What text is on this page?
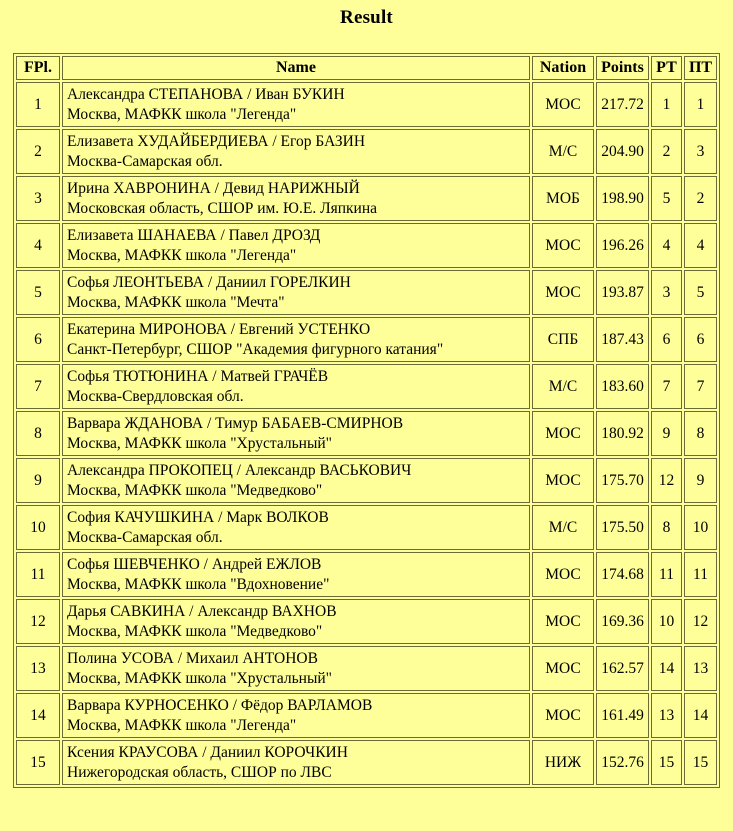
Result
FPl.	Name	Nation	Points	РТ	ПТ
1	Александра СТЕПАНОВА / Иван БУКИН
Москва, МАФКК школа "Легенда"	МОС	217.72	1	1
2	Елизавета ХУДАЙБЕРДИЕВА / Егор БАЗИН
Москва-Самарская обл.	М/С	204.90	2	3
3	Ирина ХАВРОНИНА / Девид НАРИЖНЫЙ
Московская область, СШОР им. Ю.Е. Ляпкина	МОБ	198.90	5	2
4	Елизавета ШАНАЕВА / Павел ДРОЗД
Москва, МАФКК школа "Легенда"	МОС	196.26	4	4
5	Софья ЛЕОНТЬЕВА / Даниил ГОРЕЛКИН
Москва, МАФКК школа "Мечта"	МОС	193.87	3	5
6	Екатерина МИРОНОВА / Евгений УСТЕНКО
Санкт-Петербург, СШОР "Академия фигурного катания"	СПБ	187.43	6	6
7	Софья ТЮТЮНИНА / Матвей ГРАЧЁВ
Москва-Свердловская обл.	М/С	183.60	7	7
8	Варвара ЖДАНОВА / Тимур БАБАЕВ-СМИРНОВ
Москва, МАФКК школа "Хрустальный"	МОС	180.92	9	8
9	Александра ПРОКОПЕЦ / Александр ВАСЬКОВИЧ
Москва, МАФКК школа "Медведково"	МОС	175.70	12	9
10	София КАЧУШКИНА / Марк ВОЛКОВ
Москва-Самарская обл.	М/С	175.50	8	10
11	Софья ШЕВЧЕНКО / Андрей ЕЖЛОВ
Москва, МАФКК школа "Вдохновение"	МОС	174.68	11	11
12	Дарья САВКИНА / Александр ВАХНОВ
Москва, МАФКК школа "Медведково"	МОС	169.36	10	12
13	Полина УСОВА / Михаил АНТОНОВ
Москва, МАФКК школа "Хрустальный"	МОС	162.57	14	13
14	Варвара КУРНОСЕНКО / Фёдор ВАРЛАМОВ
Москва, МАФКК школа "Легенда"	МОС	161.49	13	14
15	Ксения КРАУСОВА / Даниил КОРОЧКИН
Нижегородская область, СШОР по ЛВС	НИЖ	152.76	15	15
